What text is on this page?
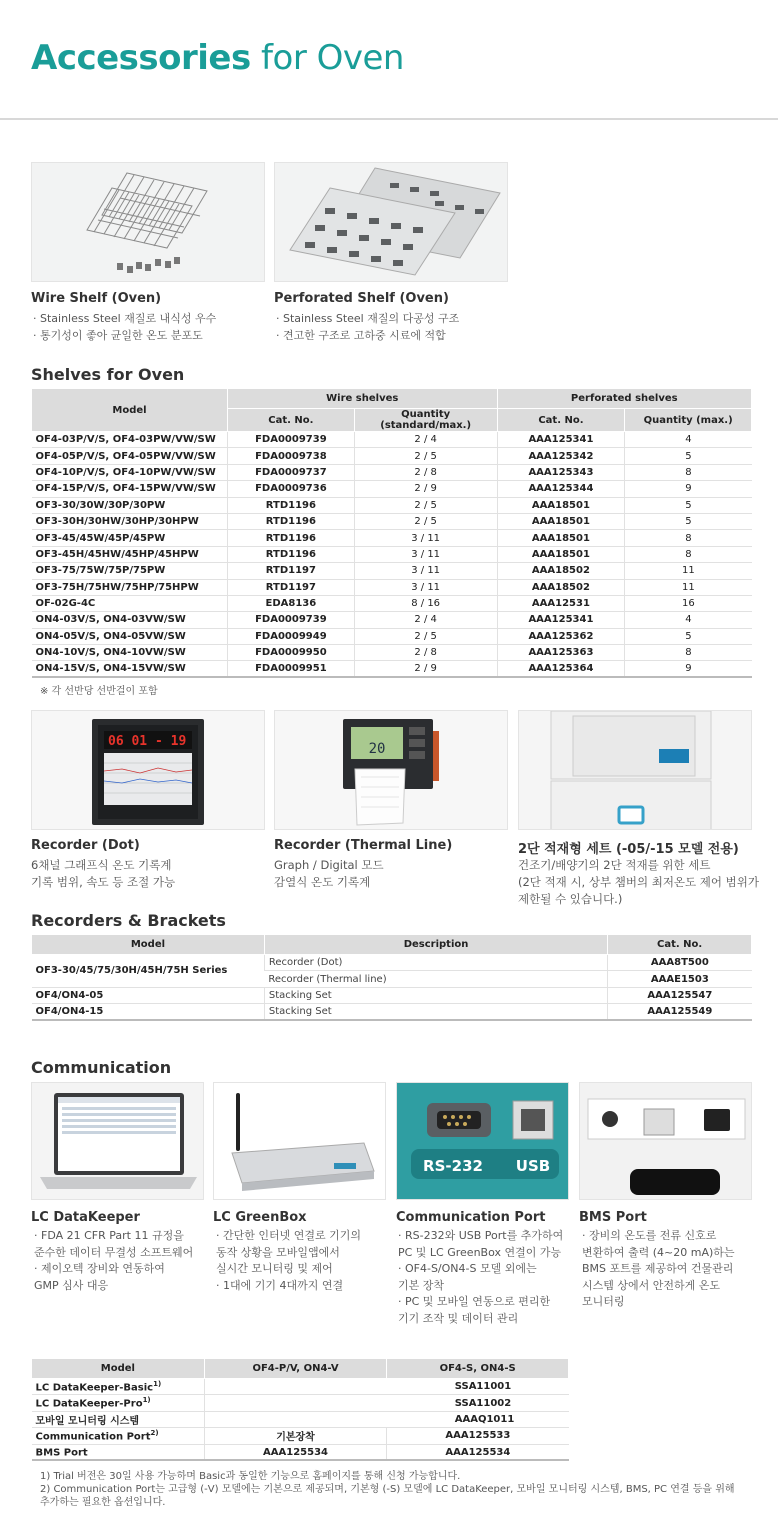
Accessories for Oven
Wire Shelf (Oven)
· Stainless Steel 재질로 내식성 우수
· 통기성이 좋아 균일한 온도 분포도
Perforated Shelf (Oven)
· Stainless Steel 재질의 다공성 구조
· 견고한 구조로 고하중 시료에 적합
Shelves for Oven
Model	Wire shelves		Perforated shelves	
	Cat. No.	Quantity (standard/max.)	Cat. No.	Quantity (max.)
OF4-03P/V/S, OF4-03PW/VW/SW	FDA0009739	2 / 4	AAA125341	4
OF4-05P/V/S, OF4-05PW/VW/SW	FDA0009738	2 / 5	AAA125342	5
OF4-10P/V/S, OF4-10PW/VW/SW	FDA0009737	2 / 8	AAA125343	8
OF4-15P/V/S, OF4-15PW/VW/SW	FDA0009736	2 / 9	AAA125344	9
OF3-30/30W/30P/30PW	RTD1196	2 / 5	AAA18501	5
OF3-30H/30HW/30HP/30HPW	RTD1196	2 / 5	AAA18501	5
OF3-45/45W/45P/45PW	RTD1196	3 / 11	AAA18501	8
OF3-45H/45HW/45HP/45HPW	RTD1196	3 / 11	AAA18501	8
OF3-75/75W/75P/75PW	RTD1197	3 / 11	AAA18502	11
OF3-75H/75HW/75HP/75HPW	RTD1197	3 / 11	AAA18502	11
OF-02G-4C	EDA8136	8 / 16	AAA12531	16
ON4-03V/S, ON4-03VW/SW	FDA0009739	2 / 4	AAA125341	4
ON4-05V/S, ON4-05VW/SW	FDA0009949	2 / 5	AAA125362	5
ON4-10V/S, ON4-10VW/SW	FDA0009950	2 / 8	AAA125363	8
ON4-15V/S, ON4-15VW/SW	FDA0009951	2 / 9	AAA125364	9
※ 각 선반당 선반걸이 포함
06 01 - 19	20
Recorder (Dot)
6채널 그래프식 온도 기록계
기록 범위, 속도 등 조절 가능
Recorder (Thermal Line)
Graph / Digital 모드
감열식 온도 기록계
2단 적재형 세트 (-05/-15 모델 전용)
건조기/배양기의 2단 적재를 위한 세트
(2단 적재 시, 상부 챔버의 최저온도 제어 범위가
제한될 수 있습니다.)
Recorders & Brackets
Model	Description	Cat. No.
OF3-30/45/75/30H/45H/75H Series	Recorder (Dot)	AAA8T500
	Recorder (Thermal line)	AAAE1503
OF4/ON4-05	Stacking Set	AAA125547
OF4/ON4-15	Stacking Set	AAA125549
Communication
RS-232 USB
LC DataKeeper
· FDA 21 CFR Part 11 규정을
준수한 데이터 무결성 소프트웨어
· 제이오텍 장비와 연동하여
GMP 심사 대응
LC GreenBox
· 간단한 인터넷 연결로 기기의
동작 상황을 모바일앱에서
실시간 모니터링 및 제어
· 1대에 기기 4대까지 연결
Communication Port
· RS-232와 USB Port를 추가하여
PC 및 LC GreenBox 연결이 가능
· OF4-S/ON4-S 모델 외에는
기본 장착
· PC 및 모바일 연동으로 편리한
기기 조작 및 데이터 관리
BMS Port
· 장비의 온도를 전류 신호로
변환하여 출력 (4~20 mA)하는
BMS 포트를 제공하여 건물관리
시스템 상에서 안전하게 온도
모니터링
Model	OF4-P/V, ON4-V	OF4-S, ON4-S
LC DataKeeper-Basic$^{1)}$		SSA11001
LC DataKeeper-Pro$^{1)}$		SSA11002
모바일 모니터링 시스템		AAAQ1011
Communication Port$^{2)}$	기본장착	AAA125533
BMS Port	AAA125534	AAA125534
1) Trial 버전은 30일 사용 가능하며 Basic과 동일한 기능으로 홈페이지를 통해 신청 가능합니다.
2) Communication Port는 고급형 (-V) 모델에는 기본으로 제공되며, 기본형 (-S) 모델에 LC DataKeeper, 모바일 모니터링 시스템, BMS, PC 연결 등을 위해
추가하는 필요한 옵션입니다.
